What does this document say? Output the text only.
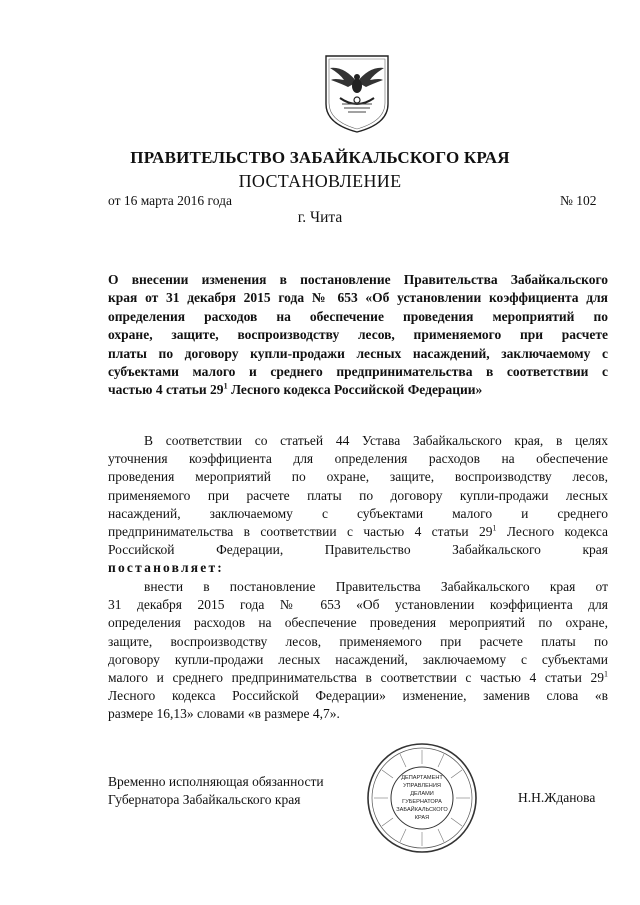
ПРАВИТЕЛЬСТВО ЗАБАЙКАЛЬСКОГО КРАЯ
ПОСТАНОВЛЕНИЕ
от 16 марта 2016 года	№ 102
г. Чита
О внесении изменения в постановление Правительства Забайкальского
края от 31 декабря 2015 года № 653 «Об установлении коэффициента для
определения расходов на обеспечение проведения мероприятий по
охране, защите, воспроизводству лесов, применяемого при расчете
платы по договору купли-продажи лесных насаждений, заключаемому с
субъектами малого и среднего предпринимательства в соответствии с
частью 4 статьи $29^1$ Лесного кодекса Российской Федерации»
В соответствии со статьей 44 Устава Забайкальского края, в целях
уточнения коэффициента для определения расходов на обеспечение
проведения мероприятий по охране, защите, воспроизводству лесов,
применяемого при расчете платы по договору купли-продажи лесных
насаждений, заключаемому с субъектами малого и среднего
предпринимательства в соответствии с частью 4 статьи $29^1$ Лесного кодекса
Российской Федерации, Правительство Забайкальского края
постановляет:
внести в постановление Правительства Забайкальского края от
31 декабря 2015 года № 653 «Об установлении коэффициента для
определения расходов на обеспечение проведения мероприятий по охране,
защите, воспроизводству лесов, применяемого при расчете платы по
договору купли-продажи лесных насаждений, заключаемому с субъектами
малого и среднего предпринимательства в соответствии с частью 4 статьи $29^1$
Лесного кодекса Российской Федерации» изменение, заменив слова «в
размере 16,13» словами «в размере 4,7».
Временно исполняющая обязанности
Губернатора Забайкальского края
ДЕПАРТАМЕНТ
УПРАВЛЕНИЯ
ДЕЛАМИ
ГУБЕРНАТОРА
ЗАБАЙКАЛЬСКОГО
КРАЯ
Н.Н.Жданова
